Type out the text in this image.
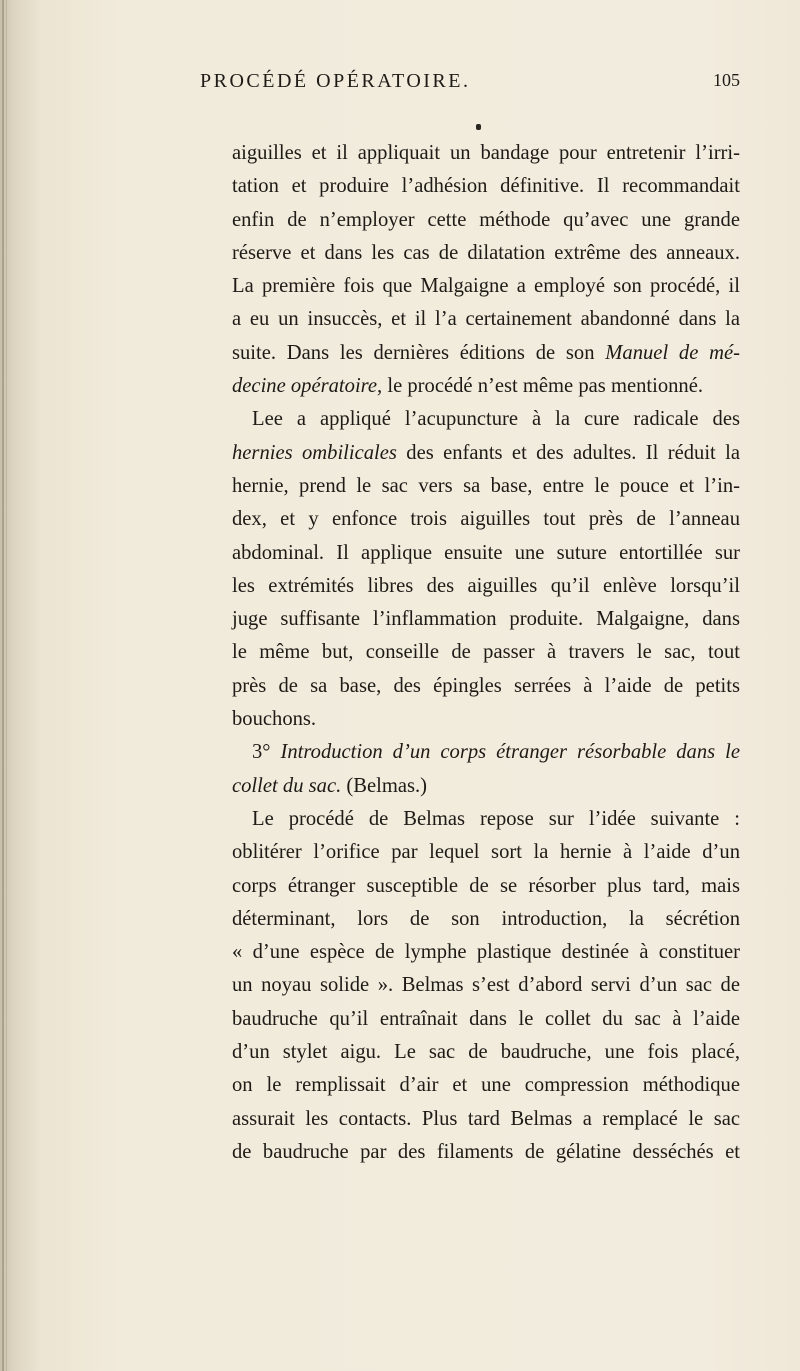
PROCÉDÉ OPÉRATOIRE.	105
aiguilles et il appliquait un bandage pour entretenir l’irri-
tation et produire l’adhésion définitive. Il recommandait
enfin de n’employer cette méthode qu’avec une grande
réserve et dans les cas de dilatation extrême des anneaux.
La première fois que Malgaigne a employé son procédé, il
a eu un insuccès, et il l’a certainement abandonné dans la
suite. Dans les dernières éditions de son Manuel de mé-
decine opératoire, le procédé n’est même pas mentionné.
Lee a appliqué l’acupuncture à la cure radicale des
hernies ombilicales des enfants et des adultes. Il réduit la
hernie, prend le sac vers sa base, entre le pouce et l’in-
dex, et y enfonce trois aiguilles tout près de l’anneau
abdominal. Il applique ensuite une suture entortillée sur
les extrémités libres des aiguilles qu’il enlève lorsqu’il
juge suffisante l’inflammation produite. Malgaigne, dans
le même but, conseille de passer à travers le sac, tout
près de sa base, des épingles serrées à l’aide de petits
bouchons.
3° Introduction d’un corps étranger résorbable dans le
collet du sac. (Belmas.)
Le procédé de Belmas repose sur l’idée suivante :
oblitérer l’orifice par lequel sort la hernie à l’aide d’un
corps étranger susceptible de se résorber plus tard, mais
déterminant, lors de son introduction, la sécrétion
« d’une espèce de lymphe plastique destinée à constituer
un noyau solide ». Belmas s’est d’abord servi d’un sac de
baudruche qu’il entraînait dans le collet du sac à l’aide
d’un stylet aigu. Le sac de baudruche, une fois placé,
on le remplissait d’air et une compression méthodique
assurait les contacts. Plus tard Belmas a remplacé le sac
de baudruche par des filaments de gélatine desséchés et
